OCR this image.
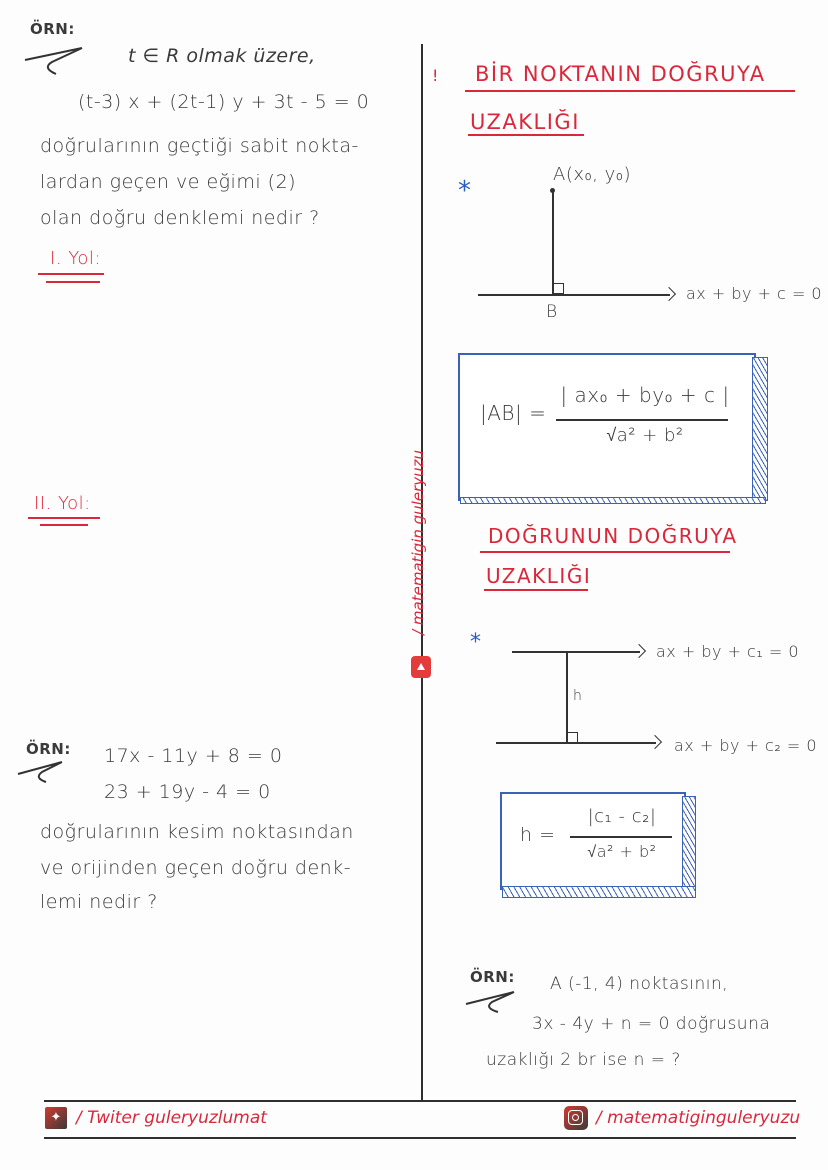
/ matematigin guleryuzu
ÖRN:
t ∈ R olmak üzere,
(t-3) x + (2t-1) y + 3t - 5 = 0
doğrularının geçtiği sabit nokta-
lardan geçen ve eğimi (2)
olan doğru denklemi nedir ?
I. Yol:
II. Yol:
ÖRN: 17x - 11y + 8 = 0
23 + 19y - 4 = 0
doğrularının kesim noktasından
ve orijinden geçen doğru denk-
lemi nedir ?
! BİR NOKTANIN DOĞRUYA
UZAKLIĞI
*
A(x₀, y₀)
B
ax + by + c = 0
|AB| =
| ax₀ + by₀ + c |
√a² + b²
DOĞRUNUN DOĞRUYA
UZAKLIĞI
*	ax + by + c₁ = 0
h
ax + by + c₂ = 0
h =
|c₁ - c₂|
√a² + b²
ÖRN: A (-1, 4) noktasının,
3x - 4y + n = 0 doğrusuna
uzaklığı 2 br ise n = ?
✦ / Twiter guleryuzlumat	/ matematiginguleryuzu
